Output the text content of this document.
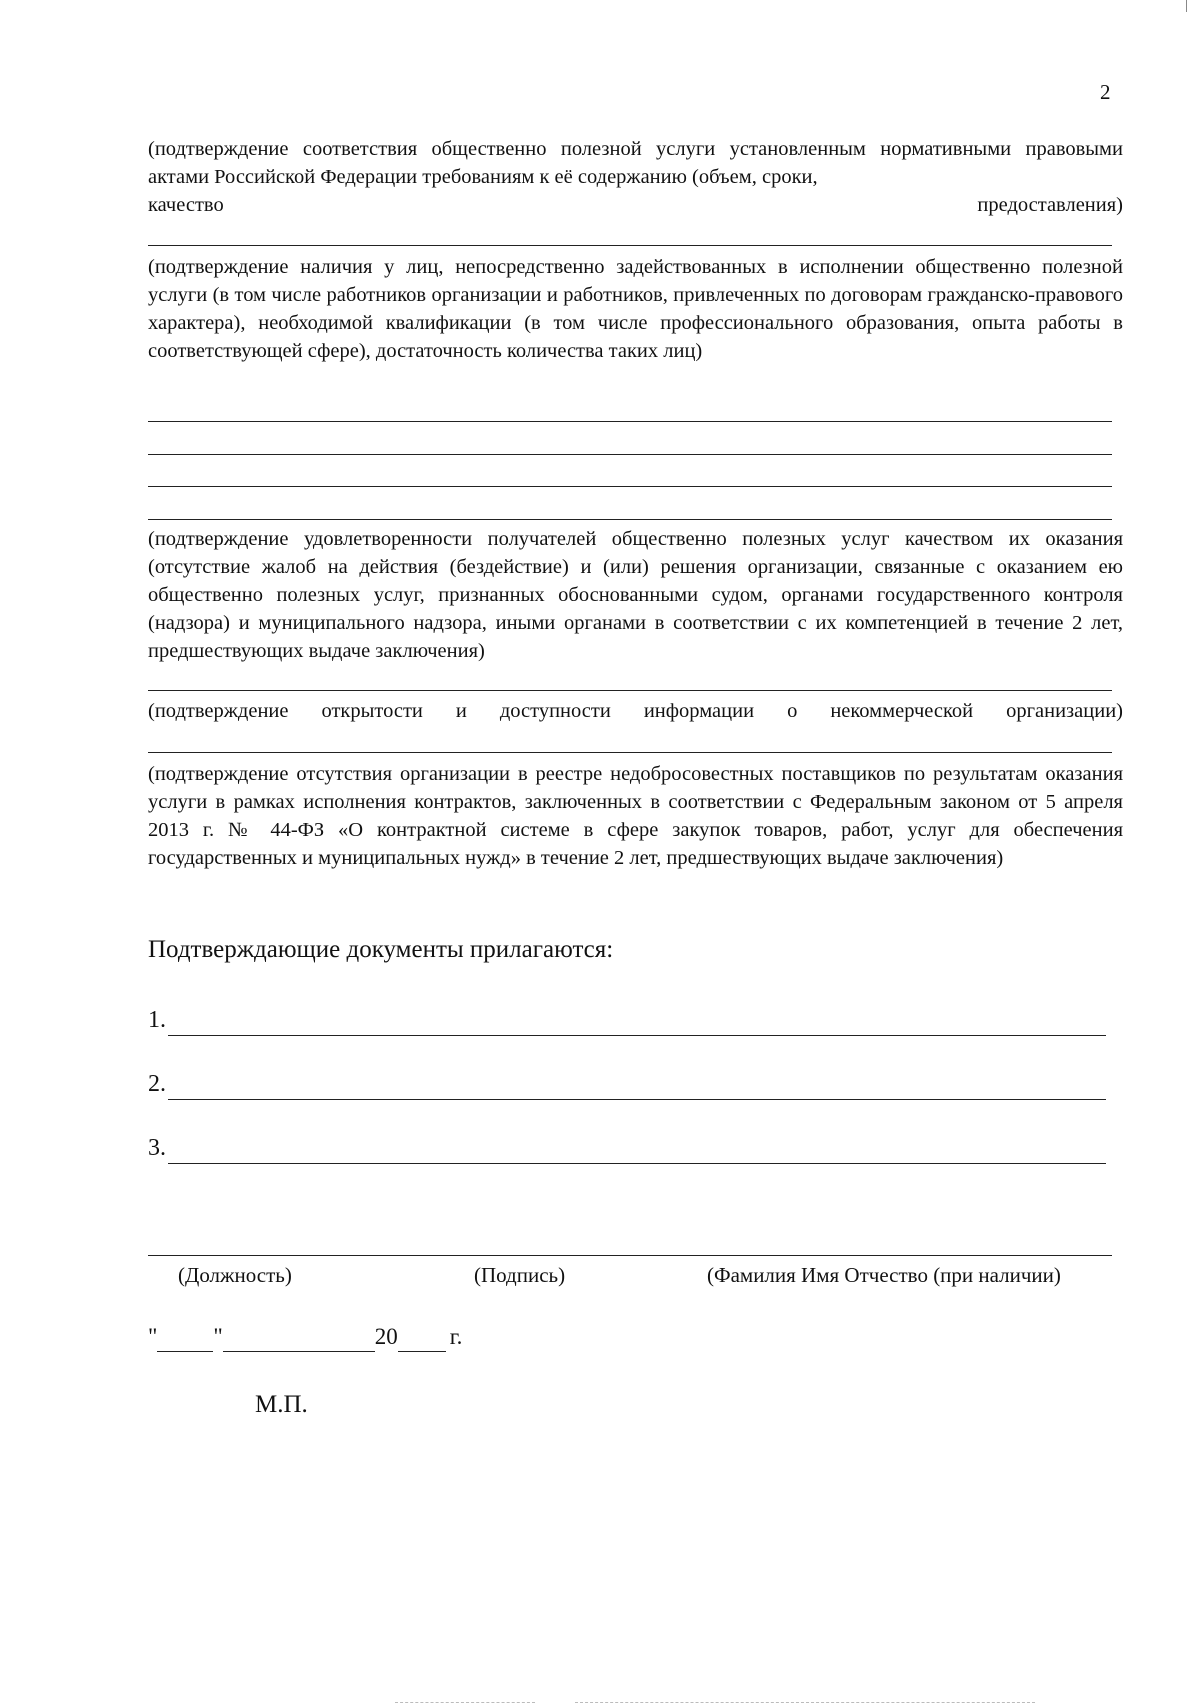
2
(подтверждение соответствия общественно полезной услуги установленным нормативными правовыми актами Российской Федерации требованиям к её содержанию (объем, сроки,
качество	предоставления)
(подтверждение наличия у лиц, непосредственно задействованных в исполнении общественно полезной услуги (в том числе работников организации и работников, привлеченных по договорам гражданско-правового характера), необходимой квалификации (в том числе профессионального образования, опыта работы в соответствующей сфере), достаточность количества таких лиц)
(подтверждение удовлетворенности получателей общественно полезных услуг качеством их оказания (отсутствие жалоб на действия (бездействие) и (или) решения организации, связанные с оказанием ею общественно полезных услуг, признанных обоснованными судом, органами государственного контроля (надзора) и муниципального надзора, иными органами в соответствии с их компетенцией в течение 2 лет, предшествующих выдаче заключения)
(подтверждение открытости и доступности информации о некоммерческой организации)
(подтверждение отсутствия организации в реестре недобросовестных поставщиков по результатам оказания услуги в рамках исполнения контрактов, заключенных в соответствии с Федеральным законом от 5 апреля 2013 г. № 44-ФЗ «О контрактной системе в сфере закупок товаров, работ, услуг для обеспечения государственных и муниципальных нужд» в течение 2 лет, предшествующих выдаче заключения)
Подтверждающие документы прилагаются:
1.
2.
3.
(Должность)	(Подпись)	(Фамилия Имя Отчество (при наличии)
" "	20 г.
М.П.
